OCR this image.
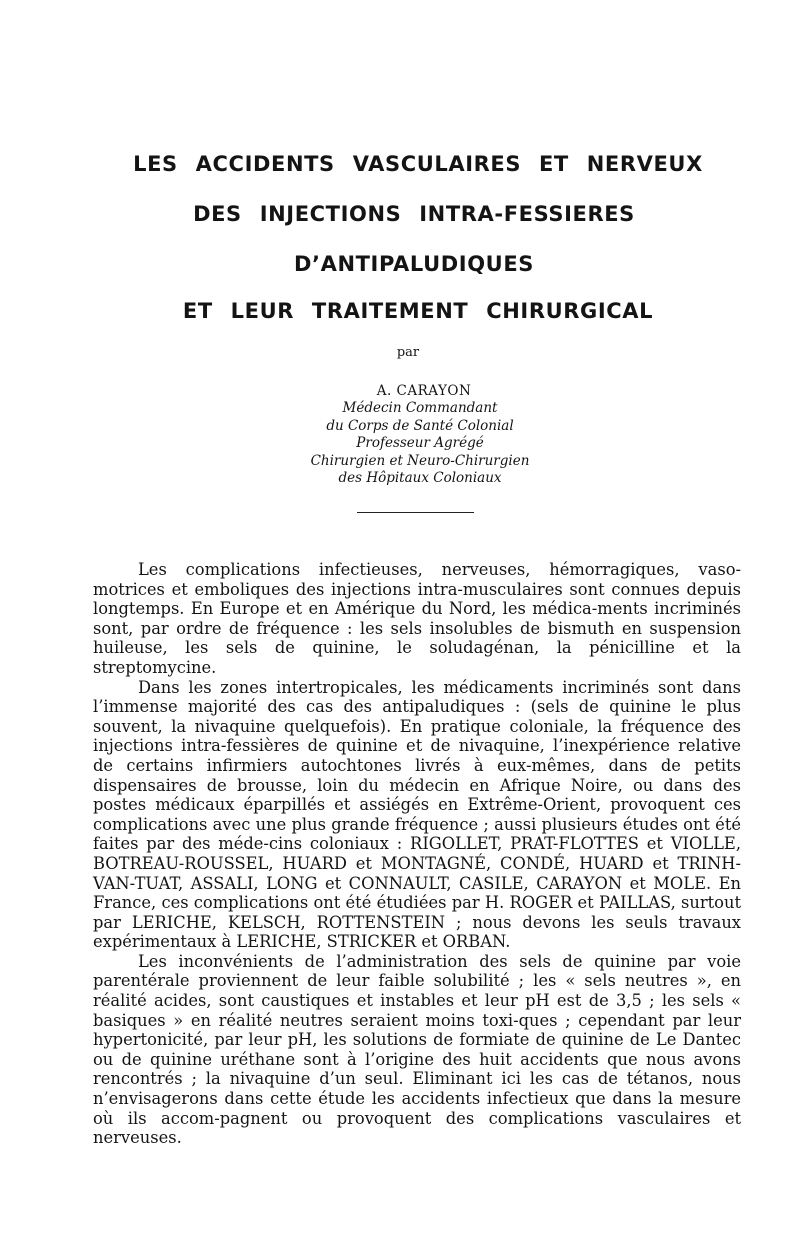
LES ACCIDENTS VASCULAIRES ET NERVEUX
DES INJECTIONS INTRA-FESSIERES
D’ANTIPALUDIQUES
ET LEUR TRAITEMENT CHIRURGICAL
par
A. CARAYON
Médecin Commandant
du Corps de Santé Colonial
Professeur Agrégé
Chirurgien et Neuro-Chirurgien
des Hôpitaux Coloniaux

Les complications infectieuses, nerveuses, hémorragiques, vaso-motrices et emboliques des injections intra-musculaires sont connues depuis longtemps. En Europe et en Amérique du Nord, les médica-ments incriminés sont, par ordre de fréquence : les sels insolubles de bismuth en suspension huileuse, les sels de quinine, le soludagénan, la pénicilline et la streptomycine.

Dans les zones intertropicales, les médicaments incriminés sont dans l’immense majorité des cas des antipaludiques : (sels de quinine le plus souvent, la nivaquine quelquefois). En pratique coloniale, la fréquence des injections intra-fessières de quinine et de nivaquine, l’inexpérience relative de certains infirmiers autochtones livrés à eux-mêmes, dans de petits dispensaires de brousse, loin du médecin en Afrique Noire, ou dans des postes médicaux éparpillés et assiégés en Extrême-Orient, provoquent ces complications avec une plus grande fréquence ; aussi plusieurs études ont été faites par des méde-cins coloniaux : RIGOLLET, PRAT-FLOTTES et VIOLLE, BOTREAU-ROUSSEL, HUARD et MONTAGNÉ, CONDÉ, HUARD et TRINH-VAN-TUAT, ASSALI, LONG et CONNAULT, CASILE, CARAYON et MOLE. En France, ces complications ont été étudiées par H. ROGER et PAILLAS, surtout par LERICHE, KELSCH, ROTTENSTEIN ; nous devons les seuls travaux expérimentaux à LERICHE, STRICKER et ORBAN.

Les inconvénients de l’administration des sels de quinine par voie parentérale proviennent de leur faible solubilité ; les « sels neutres », en réalité acides, sont caustiques et instables et leur pH est de 3,5 ; les sels « basiques » en réalité neutres seraient moins toxi-ques ; cependant par leur hypertonicité, par leur pH, les solutions de formiate de quinine de Le Dantec ou de quinine uréthane sont à l’origine des huit accidents que nous avons rencontrés ; la nivaquine d’un seul. Eliminant ici les cas de tétanos, nous n’envisagerons dans cette étude les accidents infectieux que dans la mesure où ils accom-pagnent ou provoquent des complications vasculaires et nerveuses.
